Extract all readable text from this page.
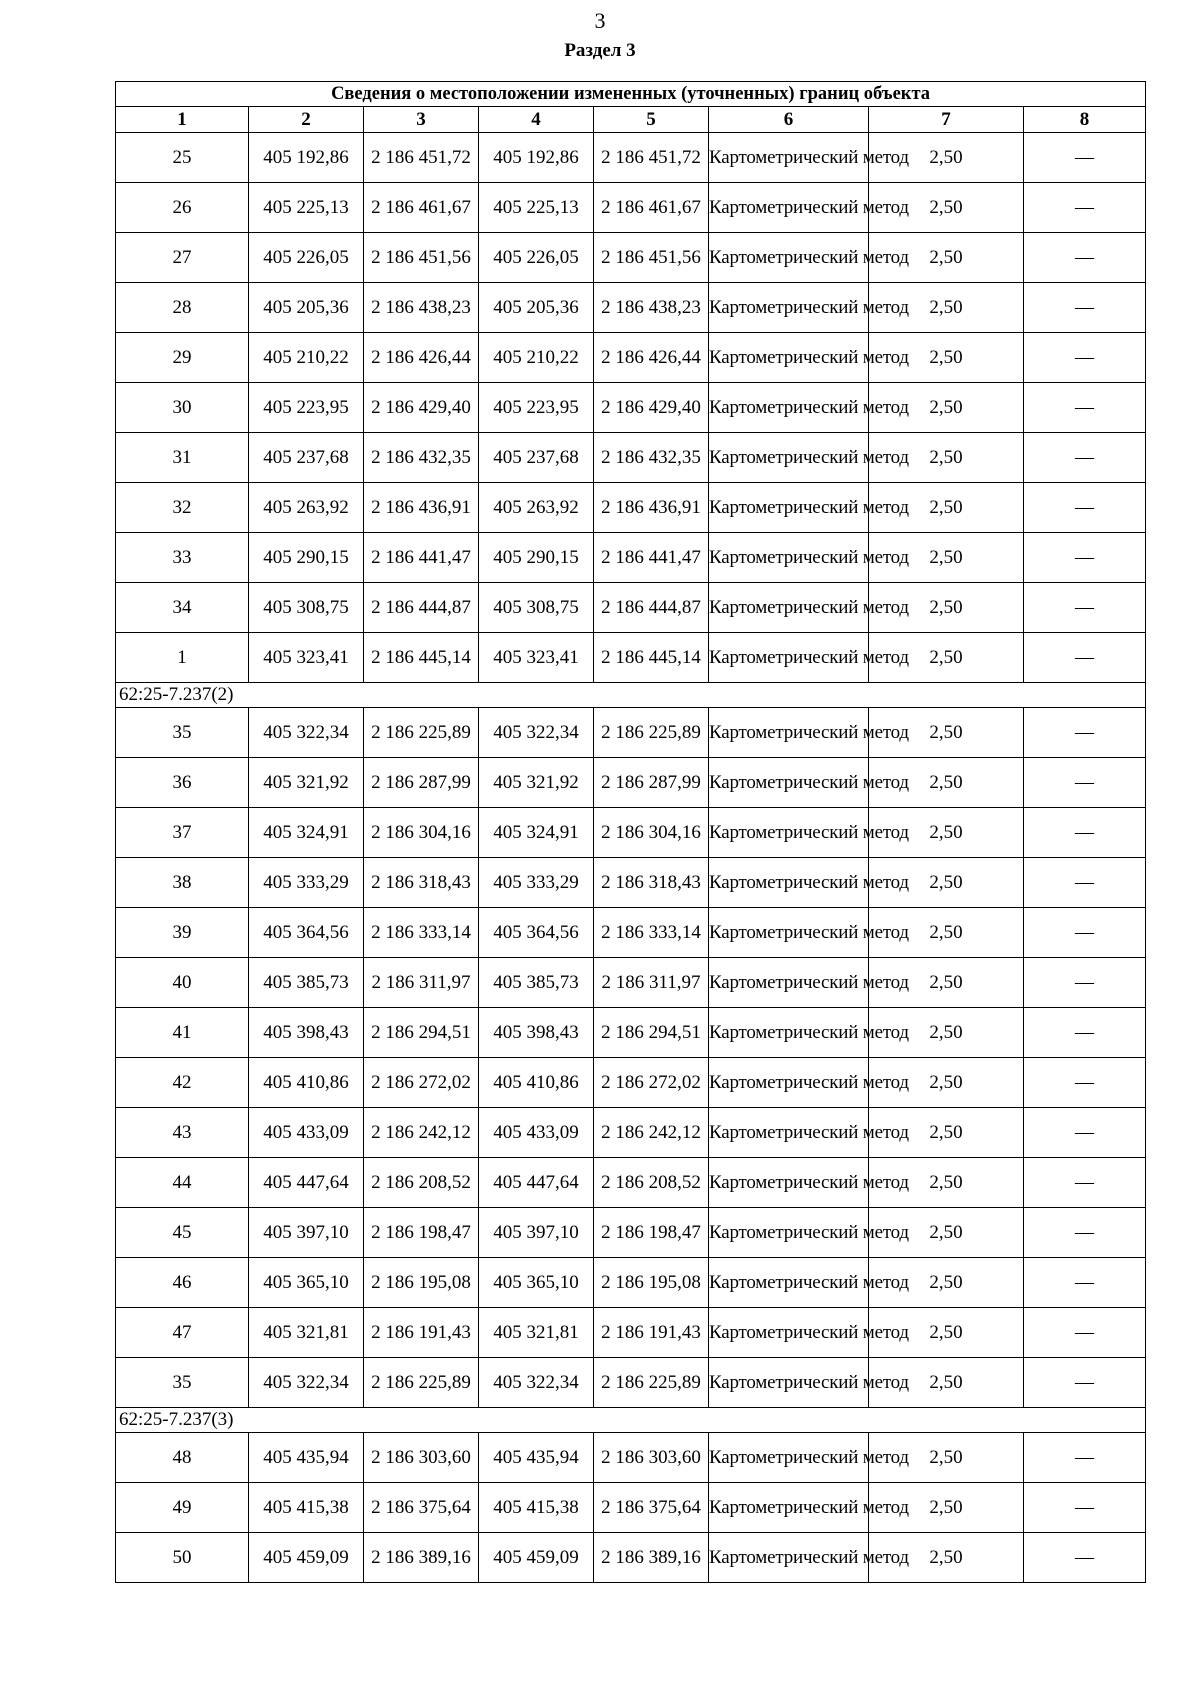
3
Раздел 3
Сведения о местоположении измененных (уточненных) границ объекта							
1	2	3	4	5	6	7	8
25	405 192,86	2 186 451,72	405 192,86	2 186 451,72	Картометрический метод	2,50	—
26	405 225,13	2 186 461,67	405 225,13	2 186 461,67	Картометрический метод	2,50	—
27	405 226,05	2 186 451,56	405 226,05	2 186 451,56	Картометрический метод	2,50	—
28	405 205,36	2 186 438,23	405 205,36	2 186 438,23	Картометрический метод	2,50	—
29	405 210,22	2 186 426,44	405 210,22	2 186 426,44	Картометрический метод	2,50	—
30	405 223,95	2 186 429,40	405 223,95	2 186 429,40	Картометрический метод	2,50	—
31	405 237,68	2 186 432,35	405 237,68	2 186 432,35	Картометрический метод	2,50	—
32	405 263,92	2 186 436,91	405 263,92	2 186 436,91	Картометрический метод	2,50	—
33	405 290,15	2 186 441,47	405 290,15	2 186 441,47	Картометрический метод	2,50	—
34	405 308,75	2 186 444,87	405 308,75	2 186 444,87	Картометрический метод	2,50	—
1	405 323,41	2 186 445,14	405 323,41	2 186 445,14	Картометрический метод	2,50	—
62:25-7.237(2)							
35	405 322,34	2 186 225,89	405 322,34	2 186 225,89	Картометрический метод	2,50	—
36	405 321,92	2 186 287,99	405 321,92	2 186 287,99	Картометрический метод	2,50	—
37	405 324,91	2 186 304,16	405 324,91	2 186 304,16	Картометрический метод	2,50	—
38	405 333,29	2 186 318,43	405 333,29	2 186 318,43	Картометрический метод	2,50	—
39	405 364,56	2 186 333,14	405 364,56	2 186 333,14	Картометрический метод	2,50	—
40	405 385,73	2 186 311,97	405 385,73	2 186 311,97	Картометрический метод	2,50	—
41	405 398,43	2 186 294,51	405 398,43	2 186 294,51	Картометрический метод	2,50	—
42	405 410,86	2 186 272,02	405 410,86	2 186 272,02	Картометрический метод	2,50	—
43	405 433,09	2 186 242,12	405 433,09	2 186 242,12	Картометрический метод	2,50	—
44	405 447,64	2 186 208,52	405 447,64	2 186 208,52	Картометрический метод	2,50	—
45	405 397,10	2 186 198,47	405 397,10	2 186 198,47	Картометрический метод	2,50	—
46	405 365,10	2 186 195,08	405 365,10	2 186 195,08	Картометрический метод	2,50	—
47	405 321,81	2 186 191,43	405 321,81	2 186 191,43	Картометрический метод	2,50	—
35	405 322,34	2 186 225,89	405 322,34	2 186 225,89	Картометрический метод	2,50	—
62:25-7.237(3)							
48	405 435,94	2 186 303,60	405 435,94	2 186 303,60	Картометрический метод	2,50	—
49	405 415,38	2 186 375,64	405 415,38	2 186 375,64	Картометрический метод	2,50	—
50	405 459,09	2 186 389,16	405 459,09	2 186 389,16	Картометрический метод	2,50	—
